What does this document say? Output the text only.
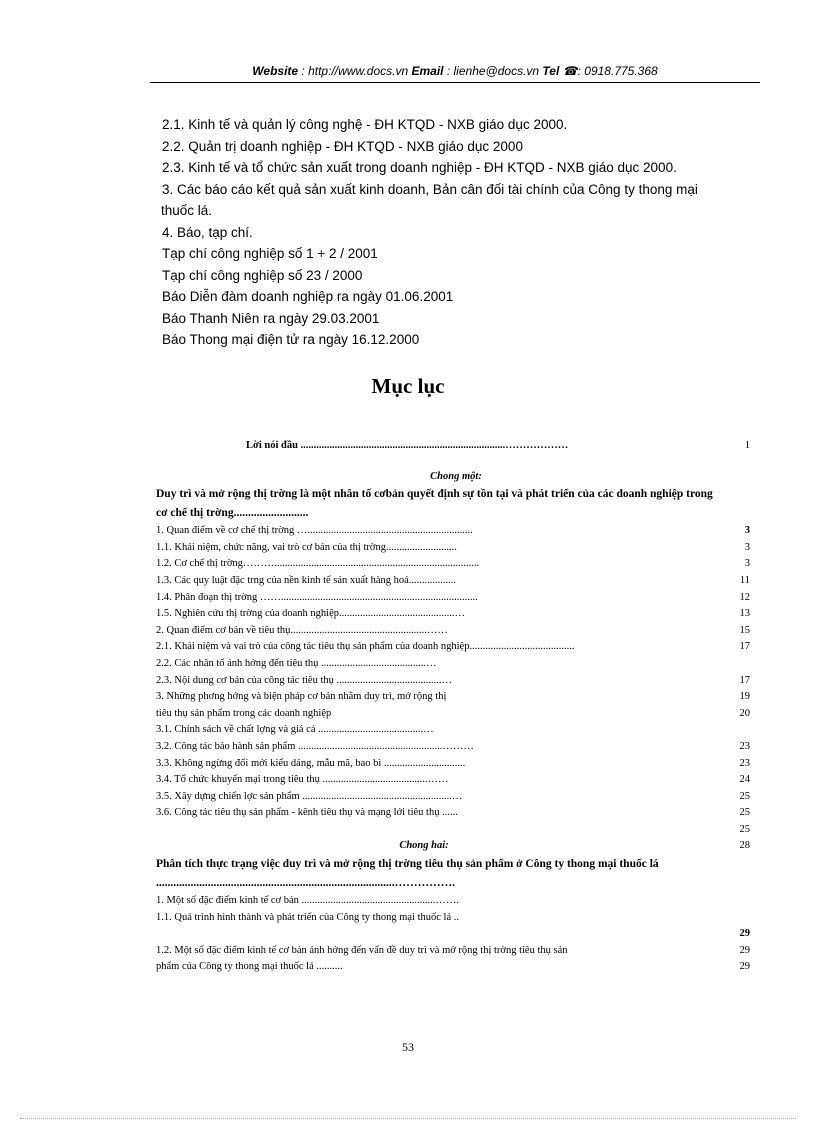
Website : http://www.docs.vn Email : lienhe@docs.vn Tel ☎: 0918.775.368
2.1. Kinh tế và quản lý công nghệ - ĐH KTQD - NXB giáo dục 2000.
2.2. Quản trị doanh nghiệp - ĐH KTQD - NXB giáo dục 2000
2.3. Kinh tế và tổ chức sản xuất trong doanh nghiệp - ĐH KTQD - NXB giáo dục 2000.
3. Các báo cáo kết quả sản xuất kinh doanh, Bản cân đối tài chính của Công ty thong mại
thuốc lá.
4. Báo, tạp chí.
Tạp chí công nghiệp số 1 + 2 / 2001
Tạp chí công nghiệp số 23 / 2000
Báo Diễn đàm doanh nghiệp ra ngày 01.06.2001
Báo Thanh Niên ra ngày 29.03.2001
Báo Thong mại điện tử ra ngày 16.12.2000
Mục lục
Lời nói đầu ..............................................................................………………	1
Chong một:
Duy trì và mở rộng thị trờng là một nhân tố cơbản quyết định sự tồn tại và phát triển của các doanh nghiệp trong cơ chế thị trờng..........................
1. Quan điểm về cơ chế thị trờng …...............................................................	3
1.1. Khái niệm, chức năng, vai trò cơ bản của thị trờng...........................	3
1.2. Cơ chế thị trờng………..............................................................................	3
1.3. Các quy luật đặc trng của nền kinh tế sản xuất hàng hoá..................	11
1.4. Phân đoạn thị trờng ……...........................................................................	12
1.5. Nghiên cứu thị trờng của doanh nghiệp............................................…	13
2. Quan điểm cơ bản về tiêu thụ....................................................……	15
2.1. Khái niệm và vai trò của công tác tiêu thụ sản phẩm của doanh nghiệp........................................	17
2.2. Các nhân tố ảnh hởng đến tiêu thụ ........................................…
2.3. Nội dung cơ bản của công tác tiêu thụ ........................................…	17
3. Những phơng hớng và biện pháp cơ bản nhằm duy trì, mở rộng thị	19
tiêu thụ sản phẩm trong các doanh nghiệp	20
3.1. Chính sách về chất lợng và giá cả ........................................…
3.2. Công tác bảo hành sản phẩm .......................................................………	23
3.3. Không ngừng đổi mới kiểu dáng, mẫu mã, bao bì ...............................	23
3.4. Tổ chức khuyến mại trong tiêu thụ ........................................……	24
3.5. Xây dựng chiến lợc sản phẩm .........................................................…	25
3.6. Công tác tiêu thụ sản phẩm - kênh tiêu thụ và mạng lới tiêu thụ ......	25
25
Chong hai:	28
Phân tích thực trạng việc duy trì và mở rộng thị trờng tiêu thụ sản phẩm ở Công ty thong mại thuốc lá ...................................................................................…………….
1. Một số đặc điểm kinh tế cơ bản ...................................................…….
1.1. Quá trình hình thành và phát triển của Công ty thong mại thuốc lá ..
29
1.2. Một số đặc điểm kinh tế cơ bản ảnh hởng đến vấn đề duy trì và mở rộng thị trờng tiêu thụ sản	29
phẩm của Công ty thong mại thuốc lá ..........	29
53
